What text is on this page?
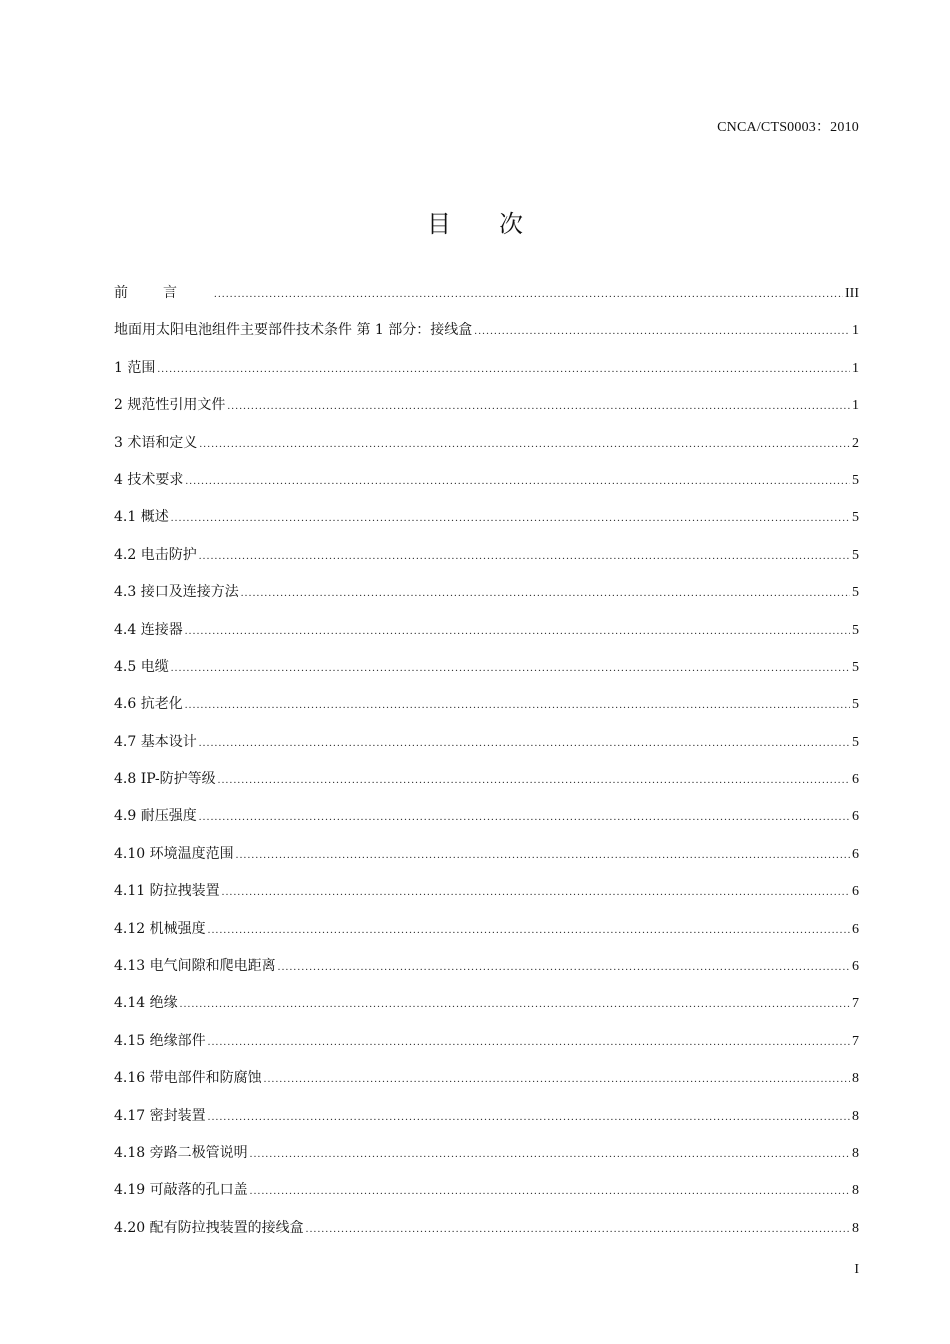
CNCA/CTS0003：2010
目次
前言 .....	III
地面用太阳电池组件主要部件技术条件 第 1 部分：接线盒 .....	1
1 范围 .....	1
2 规范性引用文件 .....	1
3 术语和定义 .....	2
4 技术要求 .....	5
4.1 概述 .....	5
4.2 电击防护 .....	5
4.3 接口及连接方法 .....	5
4.4 连接器 .....	5
4.5 电缆 .....	5
4.6 抗老化 .....	5
4.7 基本设计 .....	5
4.8 IP-防护等级 .....	6
4.9 耐压强度 .....	6
4.10 环境温度范围 .....	6
4.11 防拉拽装置 .....	6
4.12 机械强度 .....	6
4.13 电气间隙和爬电距离 .....	6
4.14 绝缘 .....	7
4.15 绝缘部件 .....	7
4.16 带电部件和防腐蚀 .....	8
4.17 密封装置 .....	8
4.18 旁路二极管说明 .....	8
4.19 可敲落的孔口盖 .....	8
4.20 配有防拉拽装置的接线盒 .....	8
I
